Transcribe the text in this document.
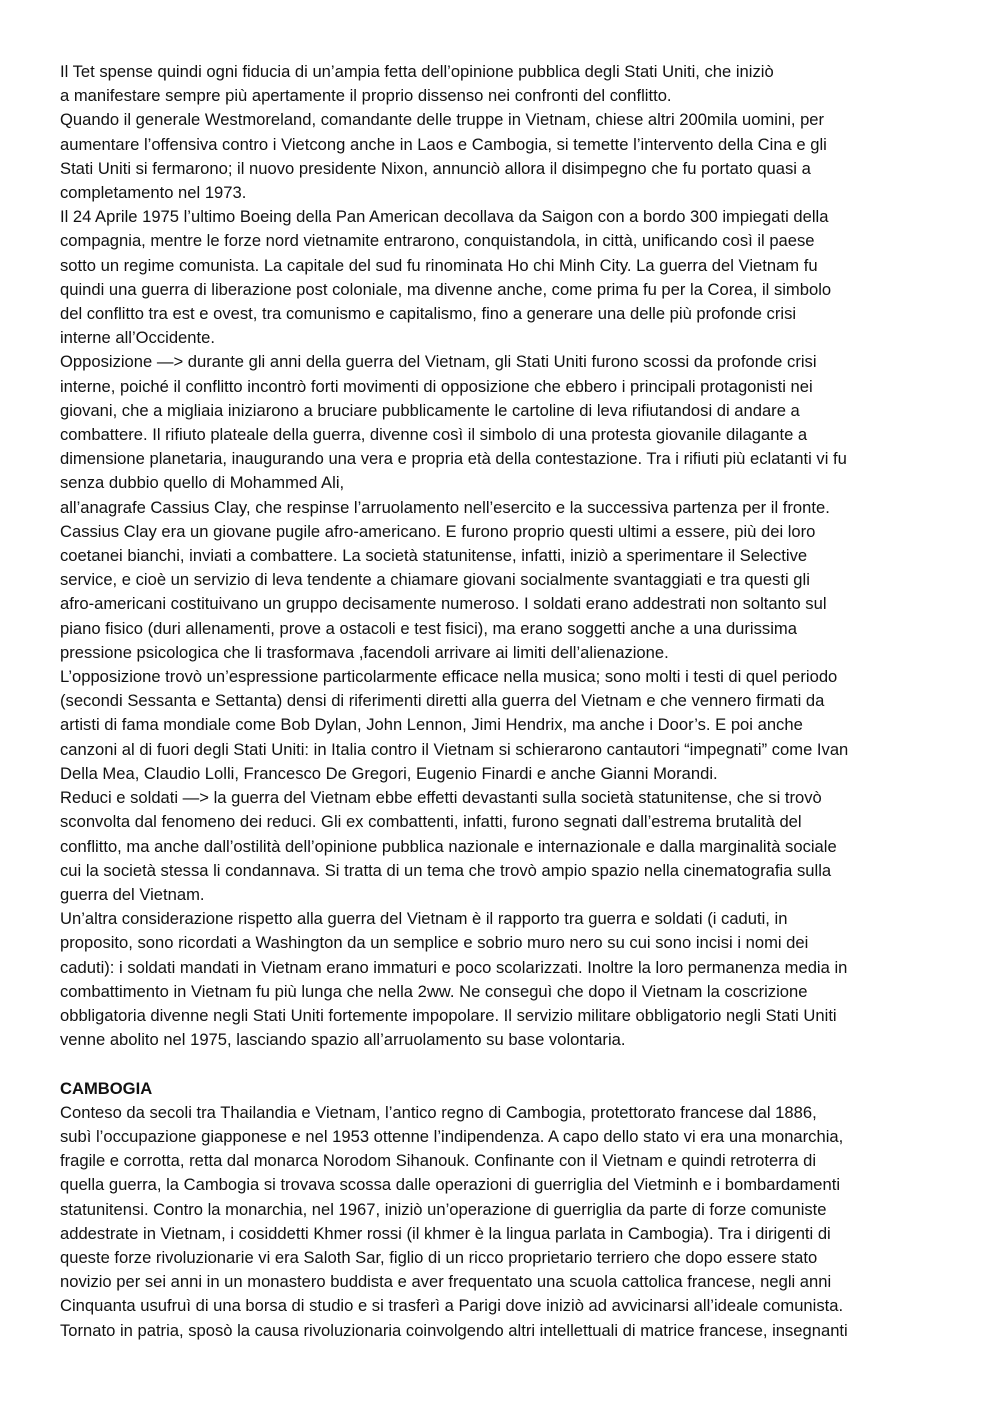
Il Tet spense quindi ogni fiducia di un’ampia fetta dell’opinione pubblica degli Stati Uniti, che iniziò
a manifestare sempre più apertamente il proprio dissenso nei confronti del conflitto.

Quando il generale Westmoreland, comandante delle truppe in Vietnam, chiese altri 200mila uomini, per
aumentare l’offensiva contro i Vietcong anche in Laos e Cambogia, si temette l’intervento della Cina e gli
Stati Uniti si fermarono; il nuovo presidente Nixon, annunciò allora il disimpegno che fu portato quasi a
completamento nel 1973.

Il 24 Aprile 1975 l’ultimo Boeing della Pan American decollava da Saigon con a bordo 300 impiegati della
compagnia, mentre le forze nord vietnamite entrarono, conquistandola, in città, unificando così il paese
sotto un regime comunista. La capitale del sud fu rinominata Ho chi Minh City. La guerra del Vietnam fu
quindi una guerra di liberazione post coloniale, ma divenne anche, come prima fu per la Corea, il simbolo
del conflitto tra est e ovest, tra comunismo e capitalismo, fino a generare una delle più profonde crisi
interne all’Occidente.

Opposizione —> durante gli anni della guerra del Vietnam, gli Stati Uniti furono scossi da profonde crisi
interne, poiché il conflitto incontrò forti movimenti di opposizione che ebbero i principali protagonisti nei
giovani, che a migliaia iniziarono a bruciare pubblicamente le cartoline di leva rifiutandosi di andare a
combattere. Il rifiuto plateale della guerra, divenne così il simbolo di una protesta giovanile dilagante a
dimensione planetaria, inaugurando una vera e propria età della contestazione. Tra i rifiuti più eclatanti vi fu
senza dubbio quello di Mohammed Ali,

all’anagrafe Cassius Clay, che respinse l’arruolamento nell’esercito e la successiva partenza per il fronte.
Cassius Clay era un giovane pugile afro-americano. E furono proprio questi ultimi a essere, più dei loro
coetanei bianchi, inviati a combattere. La società statunitense, infatti, iniziò a sperimentare il Selective
service, e cioè un servizio di leva tendente a chiamare giovani socialmente svantaggiati e tra questi gli
afro-americani costituivano un gruppo decisamente numeroso. I soldati erano addestrati non soltanto sul
piano fisico (duri allenamenti, prove a ostacoli e test fisici), ma erano soggetti anche a una durissima
pressione psicologica che li trasformava ,facendoli arrivare ai limiti dell’alienazione.

L’opposizione trovò un’espressione particolarmente efficace nella musica; sono molti i testi di quel periodo
(secondi Sessanta e Settanta) densi di riferimenti diretti alla guerra del Vietnam e che vennero firmati da
artisti di fama mondiale come Bob Dylan, John Lennon, Jimi Hendrix, ma anche i Door’s. E poi anche
canzoni al di fuori degli Stati Uniti: in Italia contro il Vietnam si schierarono cantautori “impegnati” come Ivan
Della Mea, Claudio Lolli, Francesco De Gregori, Eugenio Finardi e anche Gianni Morandi.

Reduci e soldati —> la guerra del Vietnam ebbe effetti devastanti sulla società statunitense, che si trovò
sconvolta dal fenomeno dei reduci. Gli ex combattenti, infatti, furono segnati dall’estrema brutalità del
conflitto, ma anche dall’ostilità dell’opinione pubblica nazionale e internazionale e dalla marginalità sociale
cui la società stessa li condannava. Si tratta di un tema che trovò ampio spazio nella cinematografia sulla
guerra del Vietnam.

Un’altra considerazione rispetto alla guerra del Vietnam è il rapporto tra guerra e soldati (i caduti, in
proposito, sono ricordati a Washington da un semplice e sobrio muro nero su cui sono incisi i nomi dei
caduti): i soldati mandati in Vietnam erano immaturi e poco scolarizzati. Inoltre la loro permanenza media in
combattimento in Vietnam fu più lunga che nella 2ww. Ne conseguì che dopo il Vietnam la coscrizione
obbligatoria divenne negli Stati Uniti fortemente impopolare. Il servizio militare obbligatorio negli Stati Uniti
venne abolito nel 1975, lasciando spazio all’arruolamento su base volontaria.

CAMBOGIA

Conteso da secoli tra Thailandia e Vietnam, l’antico regno di Cambogia, protettorato francese dal 1886,
subì l’occupazione giapponese e nel 1953 ottenne l’indipendenza. A capo dello stato vi era una monarchia,
fragile e corrotta, retta dal monarca Norodom Sihanouk. Confinante con il Vietnam e quindi retroterra di
quella guerra, la Cambogia si trovava scossa dalle operazioni di guerriglia del Vietminh e i bombardamenti
statunitensi. Contro la monarchia, nel 1967, iniziò un’operazione di guerriglia da parte di forze comuniste
addestrate in Vietnam, i cosiddetti Khmer rossi (il khmer è la lingua parlata in Cambogia). Tra i dirigenti di
queste forze rivoluzionarie vi era Saloth Sar, figlio di un ricco proprietario terriero che dopo essere stato
novizio per sei anni in un monastero buddista e aver frequentato una scuola cattolica francese, negli anni
Cinquanta usufruì di una borsa di studio e si trasferì a Parigi dove iniziò ad avvicinarsi all’ideale comunista.
Tornato in patria, sposò la causa rivoluzionaria coinvolgendo altri intellettuali di matrice francese, insegnanti
